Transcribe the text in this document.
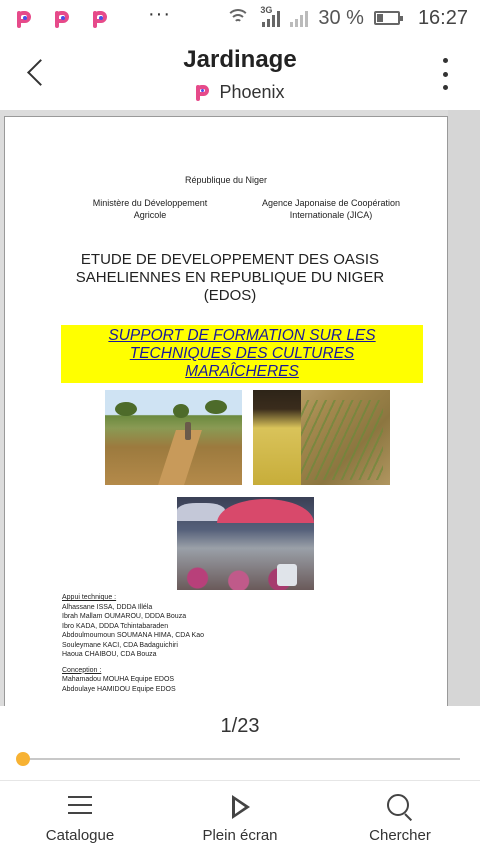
···	3G 30 %	16:27
Jardinage
Phoenix
République du Niger
Ministère du Développement
Agricole
Agence Japonaise de Coopération
Internationale (JICA)
ETUDE DE DEVELOPPEMENT DES OASIS
SAHELIENNES EN REPUBLIQUE DU NIGER
(EDOS)
SUPPORT DE FORMATION SUR LES
TECHNIQUES DES CULTURES
MARAÎCHERES
Appui technique :
Alhassane ISSA, DDDA Illéla
Ibrah Mallam OUMAROU, DDDA Bouza
Ibro KADA, DDDA Tchintabaraden
Abdoulmoumoun SOUMANA HIMA, CDA Kao
Souleymane KACI, CDA Badaguichiri
Haoua CHAIBOU, CDA Bouza
Conception :
Mahamadou MOUHA Equipe EDOS
Abdoulaye HAMIDOU Equipe EDOS
1/23
Catalogue	Plein écran	Chercher
